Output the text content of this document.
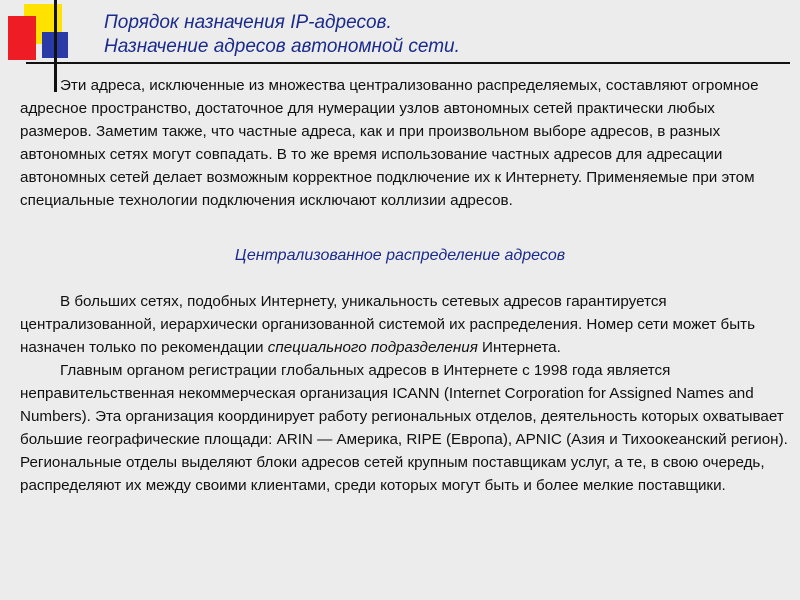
Порядок назначения IP-адресов.
Назначение адресов автономной сети.

Эти адреса, исключенные из множества централизованно распределяемых, составляют огромное адресное пространство, достаточное для нумерации узлов автономных сетей практически любых размеров. Заметим также, что частные адреса, как и при произвольном выборе адресов, в разных автономных сетях могут совпадать. В то же время использование частных адресов для адресации автономных сетей делает возможным корректное подключение их к Интернету. Применяемые при этом специальные технологии подключения исключают коллизии адресов.

Централизованное распределение адресов

В больших сетях, подобных Интернету, уникальность сетевых адресов гарантируется централизованной, иерархически организованной системой их распределения. Номер сети может быть назначен только по рекомендации специального подразделения Интернета.

Главным органом регистрации глобальных адресов в Интернете с 1998 года является неправительственная некоммерческая организация ICANN (Internet Corporation for Assigned Names and Numbers). Эта организация координирует работу региональных отделов, деятельность которых охватывает большие географические площади: ARIN — Америка, RIPE (Европа), APNIC (Азия и Тихоокеанский регион). Региональные отделы выделяют блоки адресов сетей крупным поставщикам услуг, а те, в свою очередь, распределяют их между своими клиентами, среди которых могут быть и более мелкие поставщики.
